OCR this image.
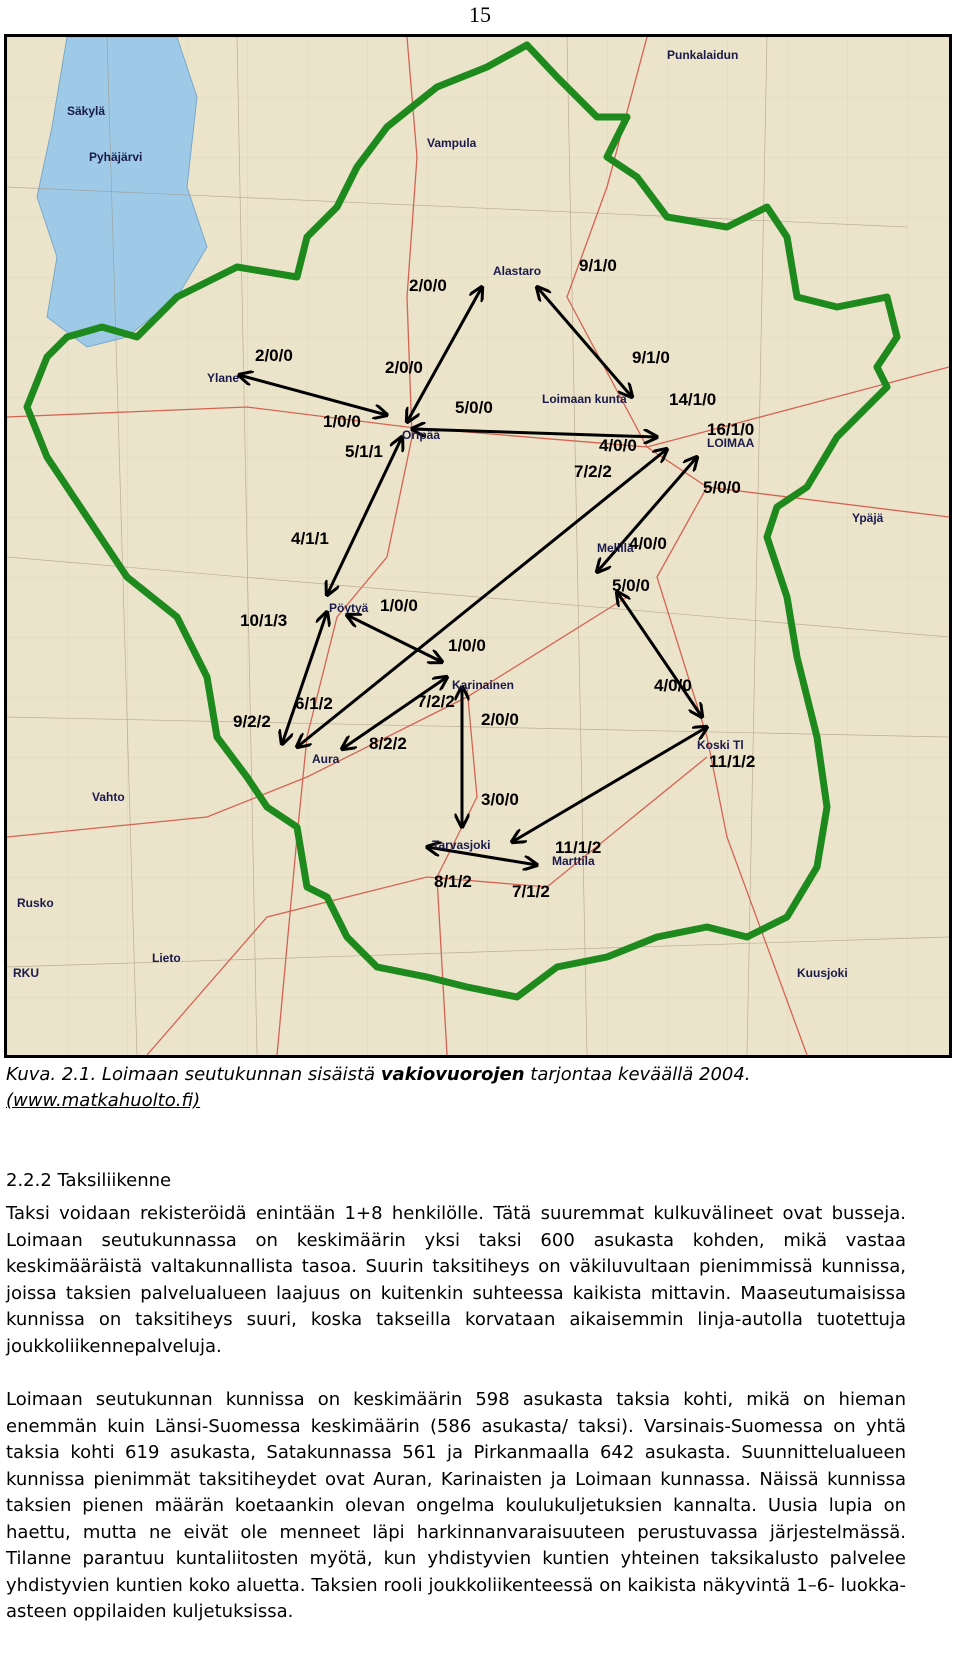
15
Punkalaidun
Säkylä
Vampula
Alastaro
Ylane
Loimaan kunta
Oripää
LOIMAA
Ypäjä
Mellilä
Pöytyä
Karinainen
Koski Tl
Aura
Vahto
Tarvasjoki
Marttila
Rusko
Lieto
Kuusjoki
RKU
Pyhäjärvi
2/0/0
9/1/0
2/0/0
2/0/0
9/1/0
5/0/0
1/0/0
14/1/0
16/1/0
5/1/1	4/0/0
7/2/2
5/0/0
4/1/1	4/0/0
5/0/0
1/0/0
10/1/3
1/0/0
4/0/0
6/1/2	7/2/2
9/2/2	2/0/0
8/2/2
11/1/2
3/0/0
11/1/2
8/1/2
7/1/2
Kuva. 2.1. Loimaan seutukunnan sisäistä vakiovuorojen tarjontaa keväällä 2004.
(www.matkahuolto.fi)
2.2.2 Taksiliikenne

Taksi voidaan rekisteröidä enintään 1+8 henkilölle. Tätä suuremmat kulkuvälineet ovat busseja. Loimaan seutukunnassa on keskimäärin yksi taksi 600 asukasta kohden, mikä vastaa keskimääräistä valtakunnallista tasoa. Suurin taksitiheys on väkiluvultaan pienimmissä kunnissa, joissa taksien palvelualueen laajuus on kuitenkin suhteessa kaikista mittavin. Maaseutumaisissa kunnissa on taksitiheys suuri, koska takseilla korvataan aikaisemmin linja-autolla tuotettuja joukkoliikennepalveluja.

Loimaan seutukunnan kunnissa on keskimäärin 598 asukasta taksia kohti, mikä on hieman enemmän kuin Länsi-Suomessa keskimäärin (586 asukasta/ taksi). Varsinais-Suomessa on yhtä taksia kohti 619 asukasta, Satakunnassa 561 ja Pirkanmaalla 642 asukasta. Suunnittelualueen kunnissa pienimmät taksitiheydet ovat Auran, Karinaisten ja Loimaan kunnassa. Näissä kunnissa taksien pienen määrän koetaankin olevan ongelma koulukuljetuksien kannalta. Uusia lupia on haettu, mutta ne eivät ole menneet läpi harkinnanvaraisuuteen perustuvassa järjestelmässä. Tilanne parantuu kuntaliitosten myötä, kun yhdistyvien kuntien yhteinen taksikalusto palvelee yhdistyvien kuntien koko aluetta. Taksien rooli joukkoliikenteessä on kaikista näkyvintä 1–6- luokka-asteen oppilaiden kuljetuksissa.
